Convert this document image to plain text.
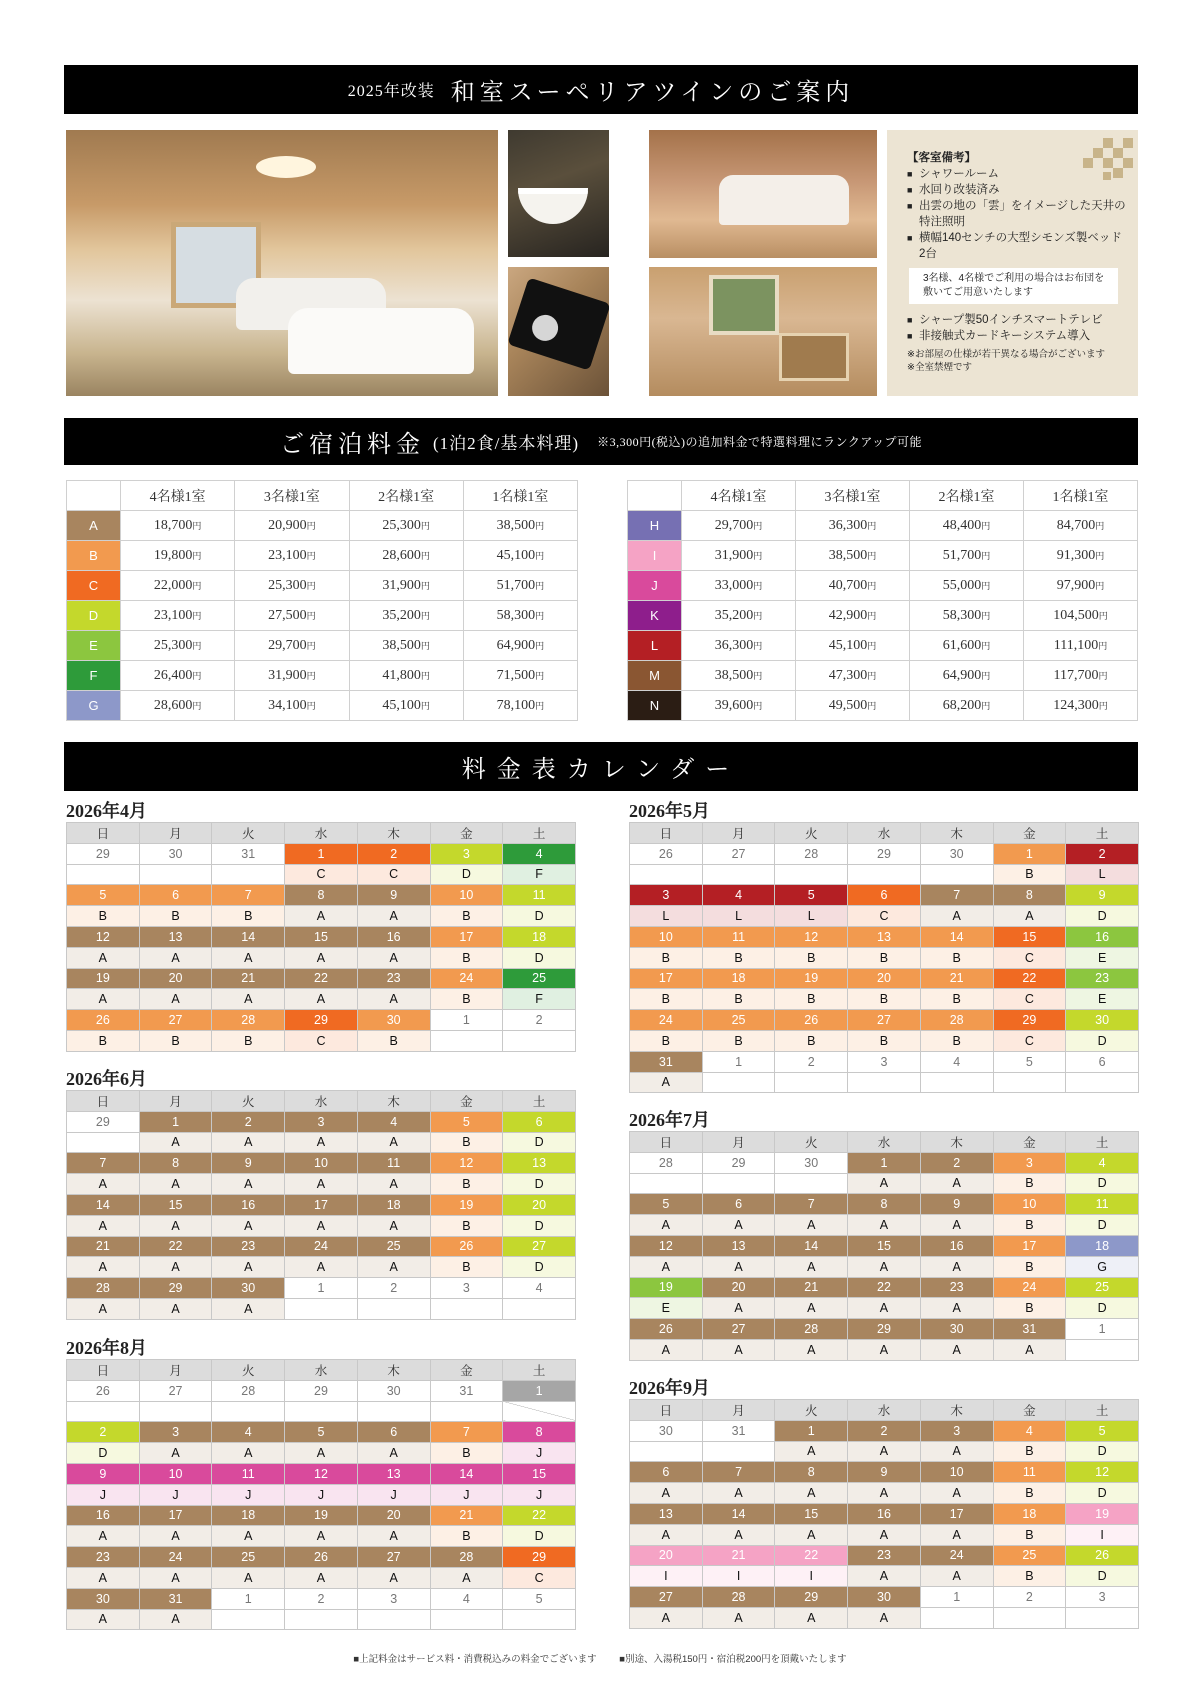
2025年改装 和室スーペリアツインのご案内
【客室備考】
■ シャワールーム
■ 水回り改装済み
■ 出雲の地の「雲」をイメージした天井の特注照明
■ 横幅140センチの大型シモンズ製ベッド2台
3名様、4名様でご利用の場合はお布団を敷いてご用意いたします
■ シャープ製50インチスマートテレビ
■ 非接触式カードキーシステム導入
※お部屋の仕様が若干異なる場合がございます
※全室禁煙です
ご宿泊料金 (1泊2食/基本料理) ※3,300円(税込)の追加料金で特選料理にランクアップ可能
	4名様1室	3名様1室	2名様1室	1名様1室
A	18,700円	20,900円	25,300円	38,500円
B	19,800円	23,100円	28,600円	45,100円
C	22,000円	25,300円	31,900円	51,700円
D	23,100円	27,500円	35,200円	58,300円
E	25,300円	29,700円	38,500円	64,900円
F	26,400円	31,900円	41,800円	71,500円
G	28,600円	34,100円	45,100円	78,100円
	4名様1室	3名様1室	2名様1室	1名様1室
H	29,700円	36,300円	48,400円	84,700円
I	31,900円	38,500円	51,700円	91,300円
J	33,000円	40,700円	55,000円	97,900円
K	35,200円	42,900円	58,300円	104,500円
L	36,300円	45,100円	61,600円	111,100円
M	38,500円	47,300円	64,900円	117,700円
N	39,600円	49,500円	68,200円	124,300円
料金表カレンダー
2026年4月
日	月	火	水	木	金	土
29	30	31	1	2	3	4
			C	C	D	F
5	6	7	8	9	10	11
B	B	B	A	A	B	D
12	13	14	15	16	17	18
A	A	A	A	A	B	D
19	20	21	22	23	24	25
A	A	A	A	A	B	F
26	27	28	29	30	1	2
B	B	B	C	B		
2026年5月
日	月	火	水	木	金	土
26	27	28	29	30	1	2
					B	L
3	4	5	6	7	8	9
L	L	L	C	A	A	D
10	11	12	13	14	15	16
B	B	B	B	B	C	E
17	18	19	20	21	22	23
B	B	B	B	B	C	E
24	25	26	27	28	29	30
B	B	B	B	B	C	D
31	1	2	3	4	5	6
A						
2026年6月
日	月	火	水	木	金	土
29	1	2	3	4	5	6
	A	A	A	A	B	D
7	8	9	10	11	12	13
A	A	A	A	A	B	D
14	15	16	17	18	19	20
A	A	A	A	A	B	D
21	22	23	24	25	26	27
A	A	A	A	A	B	D
28	29	30	1	2	3	4
A	A	A				
2026年7月
日	月	火	水	木	金	土
28	29	30	1	2	3	4
			A	A	B	D
5	6	7	8	9	10	11
A	A	A	A	A	B	D
12	13	14	15	16	17	18
A	A	A	A	A	B	G
19	20	21	22	23	24	25
E	A	A	A	A	B	D
26	27	28	29	30	31	1
A	A	A	A	A	A	
2026年8月
日	月	火	水	木	金	土
26	27	28	29	30	31	1

2	3	4	5	6	7	8
D	A	A	A	A	B	J
9	10	11	12	13	14	15
J	J	J	J	J	J	J
16	17	18	19	20	21	22
A	A	A	A	A	B	D
23	24	25	26	27	28	29
A	A	A	A	A	A	C
30	31	1	2	3	4	5
A	A					
2026年9月
日	月	火	水	木	金	土
30	31	1	2	3	4	5
		A	A	A	B	D
6	7	8	9	10	11	12
A	A	A	A	A	B	D
13	14	15	16	17	18	19
A	A	A	A	A	B	I
20	21	22	23	24	25	26
I	I	I	A	A	B	D
27	28	29	30	1	2	3
A	A	A	A			
■上記料金はサービス料・消費税込みの料金でございます ■別途、入湯税150円・宿泊税200円を頂戴いたします
